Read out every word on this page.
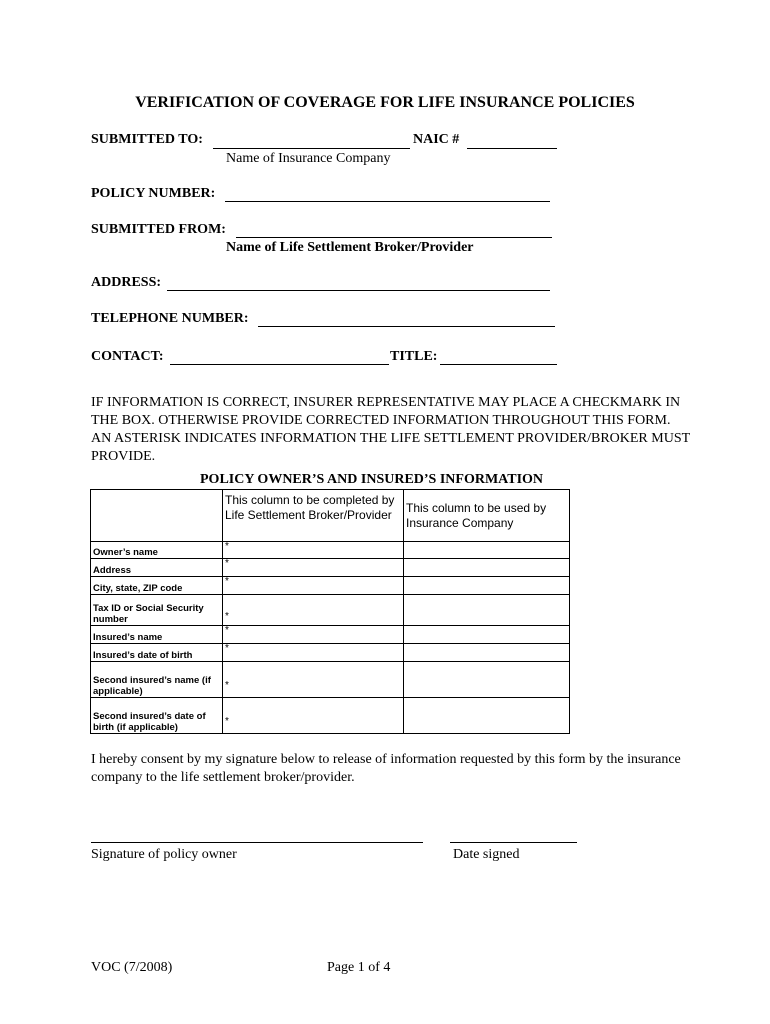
VERIFICATION OF COVERAGE FOR LIFE INSURANCE POLICIES
SUBMITTED TO:	NAIC #
Name of Insurance Company
POLICY NUMBER:
SUBMITTED FROM:
Name of Life Settlement Broker/Provider
ADDRESS:
TELEPHONE NUMBER:
CONTACT:	TITLE:
IF INFORMATION IS CORRECT, INSURER REPRESENTATIVE MAY PLACE A CHECKMARK IN THE BOX. OTHERWISE PROVIDE CORRECTED INFORMATION THROUGHOUT THIS FORM. AN ASTERISK INDICATES INFORMATION THE LIFE SETTLEMENT PROVIDER/BROKER MUST PROVIDE.
POLICY OWNER’S AND INSURED’S INFORMATION
	This column to be completed by Life Settlement Broker/Provider	This column to be used by Insurance Company
Owner’s name	*	
Address	*	
City, state, ZIP code	*	
Tax ID or Social Security number	*	
Insured’s name	*	
Insured’s date of birth	*	
Second insured’s name (if applicable)	*	
Second insured’s date of birth (if applicable)	*	
I hereby consent by my signature below to release of information requested by this form by the insurance company to the life settlement broker/provider.
Signature of policy owner	Date signed
VOC (7/2008)	Page 1 of 4
